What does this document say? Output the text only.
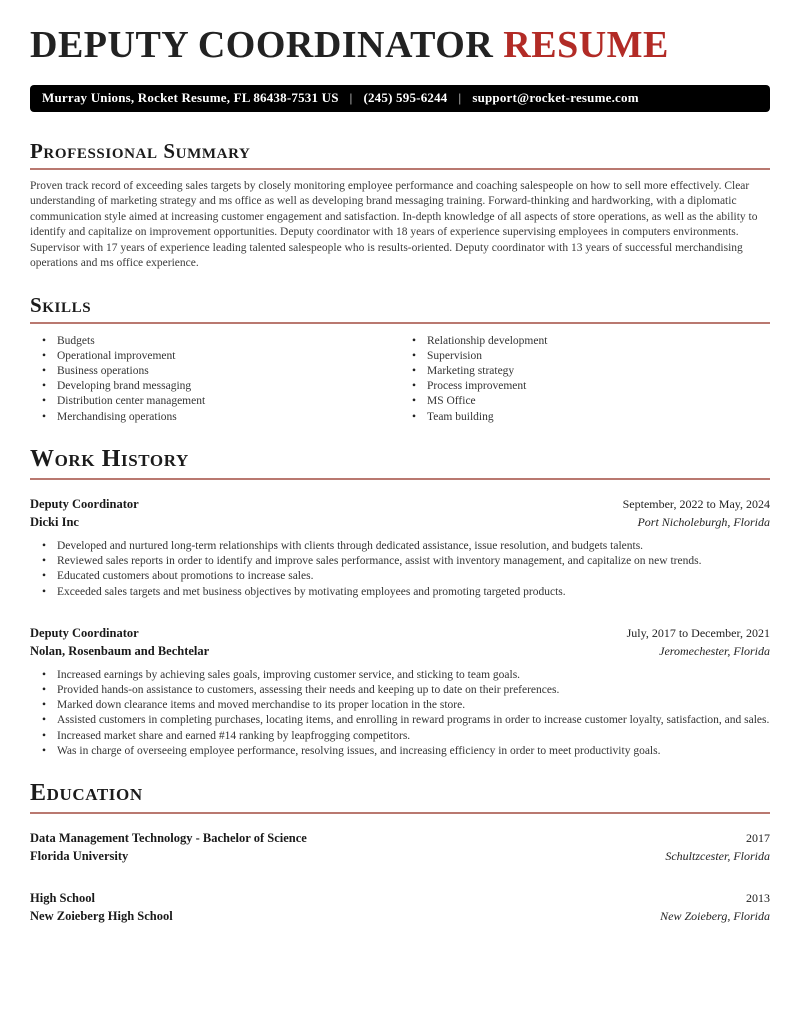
DEPUTY COORDINATOR RESUME
Murray Unions, Rocket Resume, FL 86438-7531 US | (245) 595-6244 | support@rocket-resume.com
Professional Summary

Proven track record of exceeding sales targets by closely monitoring employee performance and coaching salespeople on how to sell more effectively. Clear understanding of marketing strategy and ms office as well as developing brand messaging training. Forward-thinking and hardworking, with a diplomatic communication style aimed at increasing customer engagement and satisfaction. In-depth knowledge of all aspects of store operations, as well as the ability to identify and capitalize on improvement opportunities. Deputy coordinator with 18 years of experience supervising employees in computers environments. Supervisor with 17 years of experience leading talented salespeople who is results-oriented. Deputy coordinator with 13 years of successful merchandising operations and ms office experience.

Skills
• Budgets
• Operational improvement
• Business operations
• Developing brand messaging
• Distribution center management
• Merchandising operations
• Relationship development
• Supervision
• Marketing strategy
• Process improvement
• MS Office
• Team building
Work History
Deputy Coordinator	September, 2022 to May, 2024
Dicki Inc	Port Nicholeburgh, Florida
• Developed and nurtured long-term relationships with clients through dedicated assistance, issue resolution, and budgets talents.
• Reviewed sales reports in order to identify and improve sales performance, assist with inventory management, and capitalize on new trends.
• Educated customers about promotions to increase sales.
• Exceeded sales targets and met business objectives by motivating employees and promoting targeted products.
Deputy Coordinator	July, 2017 to December, 2021
Nolan, Rosenbaum and Bechtelar	Jeromechester, Florida
• Increased earnings by achieving sales goals, improving customer service, and sticking to team goals.
• Provided hands-on assistance to customers, assessing their needs and keeping up to date on their preferences.
• Marked down clearance items and moved merchandise to its proper location in the store.
• Assisted customers in completing purchases, locating items, and enrolling in reward programs in order to increase customer loyalty, satisfaction, and sales.
• Increased market share and earned #14 ranking by leapfrogging competitors.
• Was in charge of overseeing employee performance, resolving issues, and increasing efficiency in order to meet productivity goals.
Education
Data Management Technology - Bachelor of Science	2017
Florida University	Schultzcester, Florida
High School	2013
New Zoieberg High School	New Zoieberg, Florida
